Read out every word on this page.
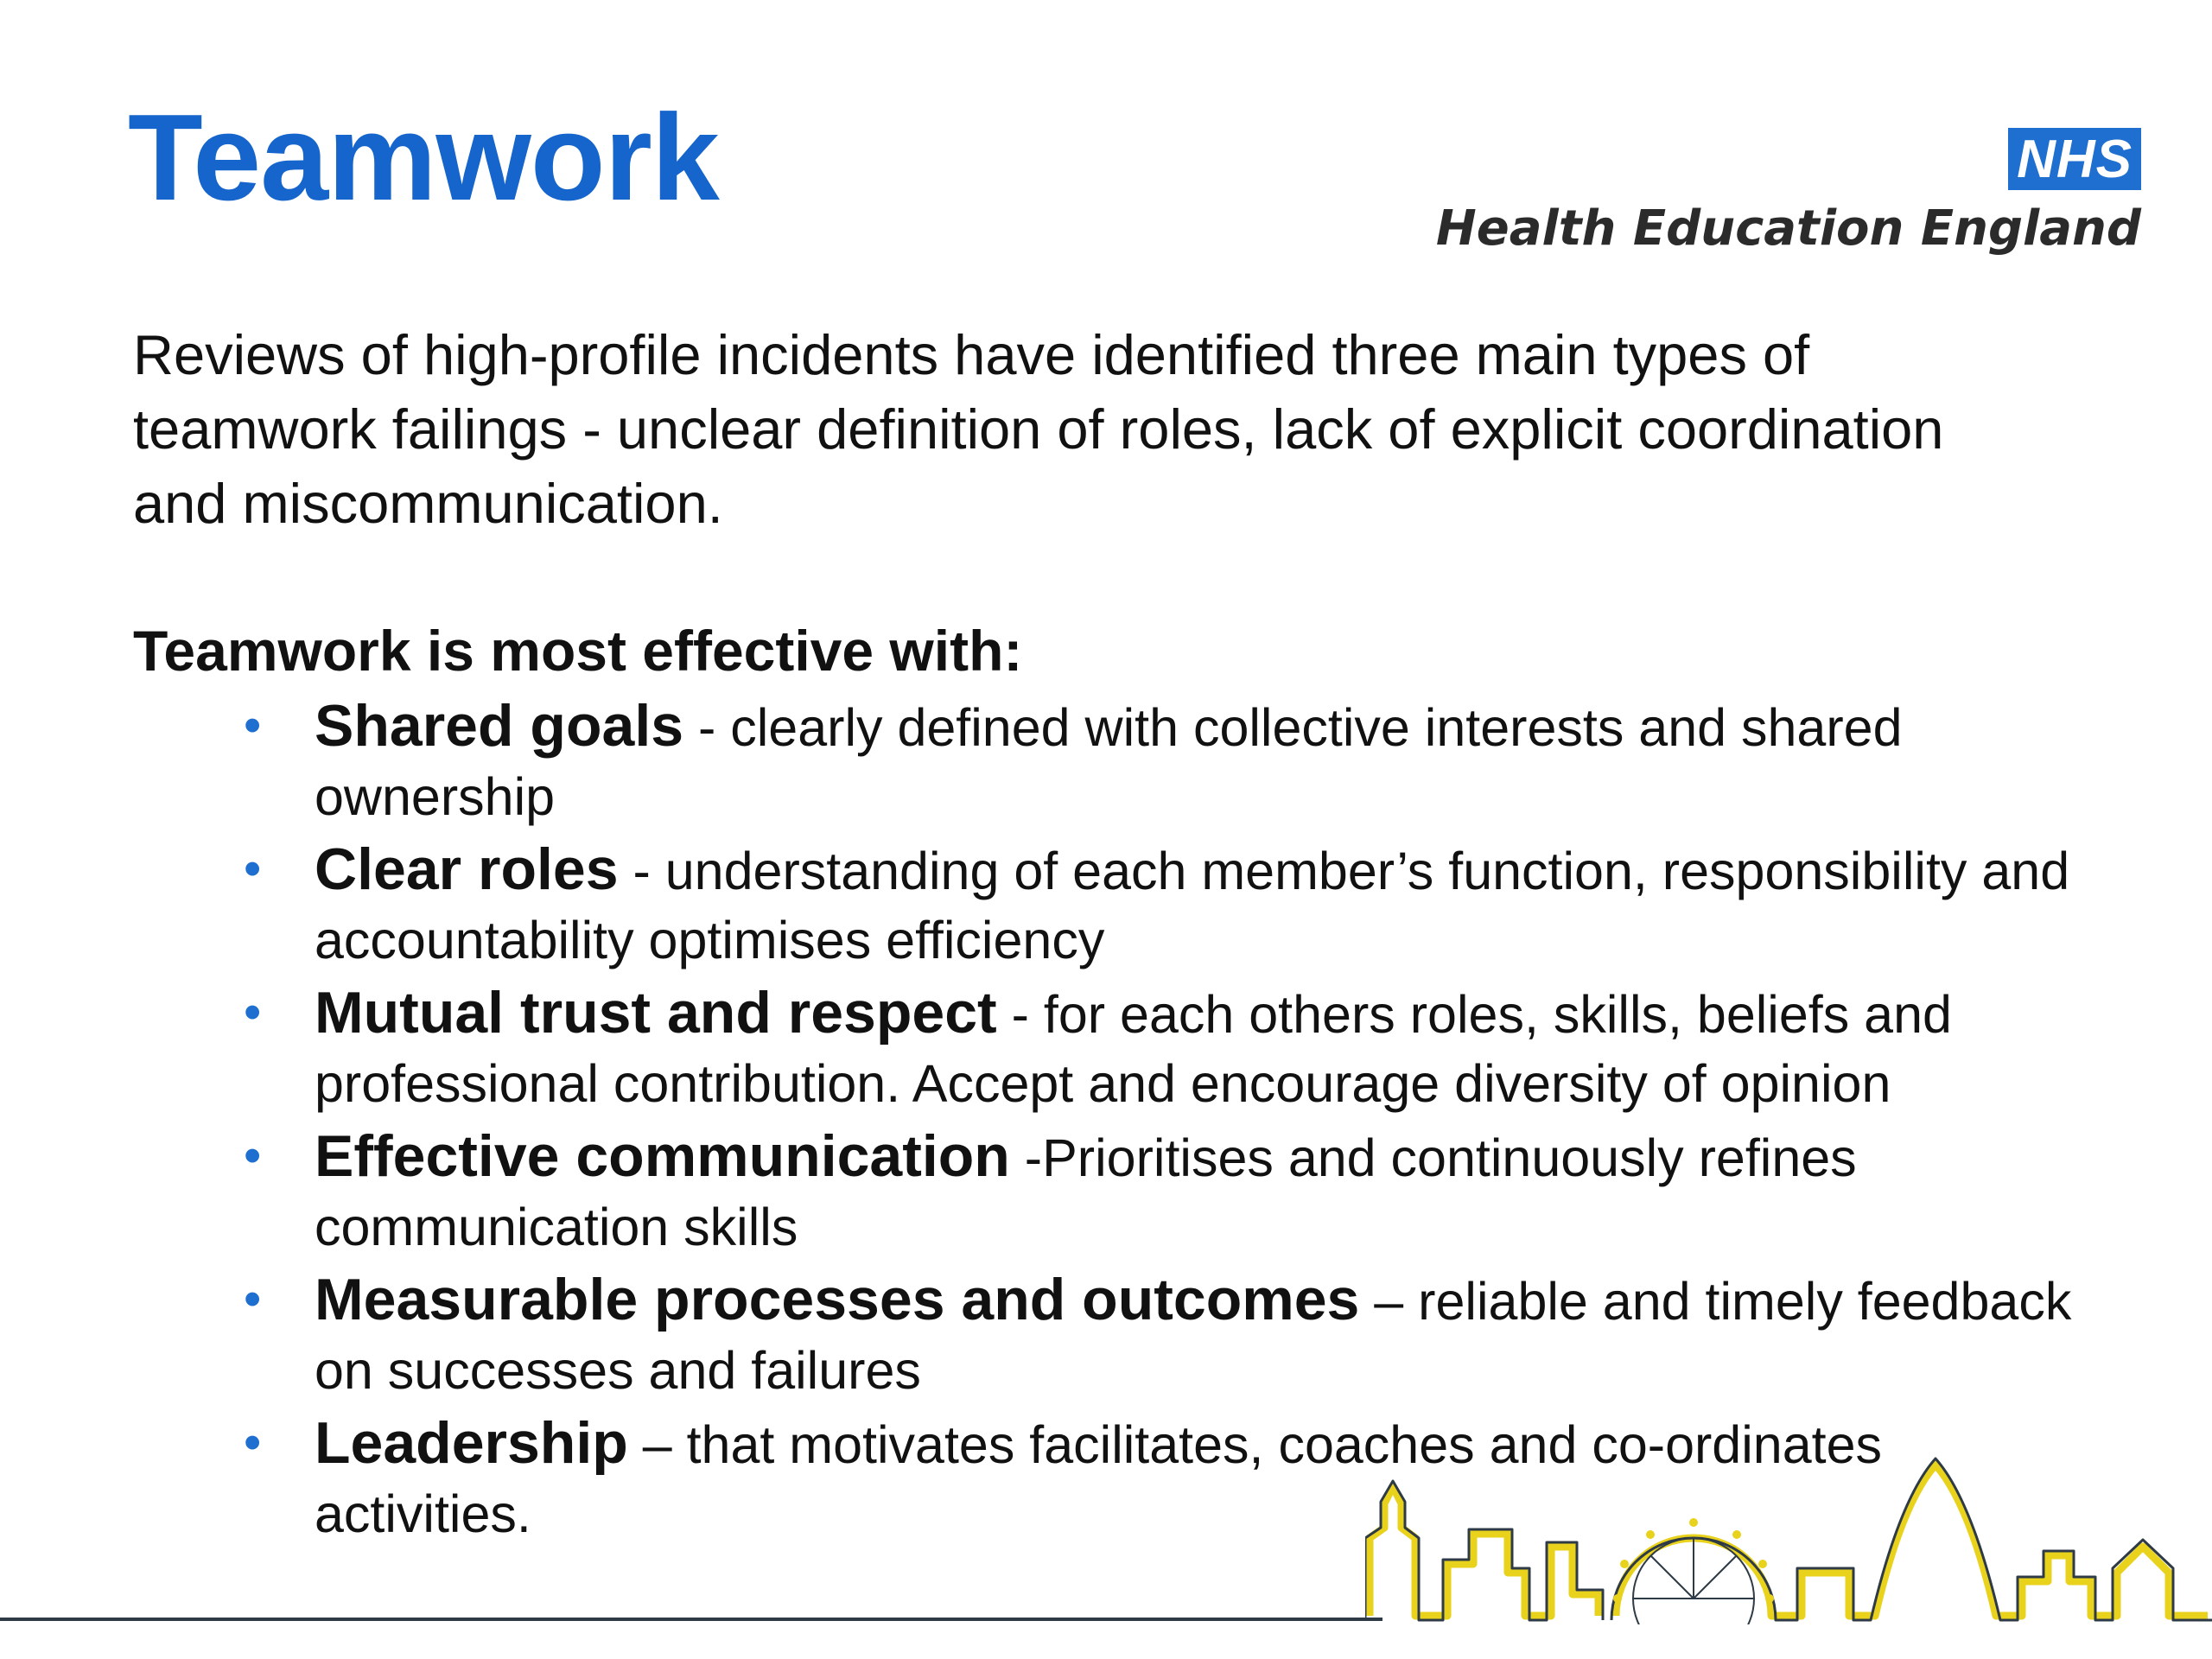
Teamwork	NHS
Health Education England

Reviews of high-profile incidents have identified three main types of teamwork failings - unclear definition of roles, lack of explicit coordination and miscommunication.

Teamwork is most effective with:

• Shared goals - clearly defined with collective interests and shared ownership
• Clear roles - understanding of each member’s function, responsibility and accountability optimises efficiency
• Mutual trust and respect - for each others roles, skills, beliefs and professional contribution. Accept and encourage diversity of opinion
• Effective communication -Prioritises and continuously refines communication skills
• Measurable processes and outcomes – reliable and timely feedback on successes and failures
• Leadership – that motivates facilitates, coaches and co-ordinates activities.
